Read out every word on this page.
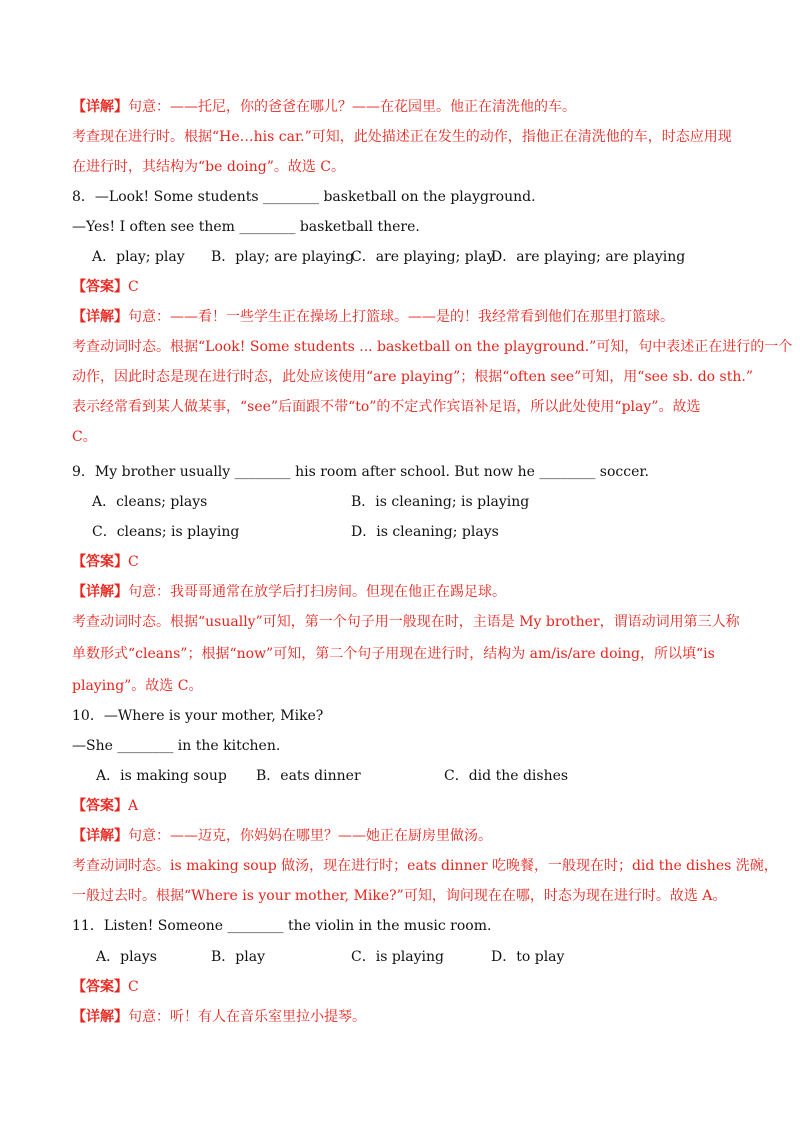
【详解】句意：——托尼，你的爸爸在哪儿？——在花园里。他正在清洗他的车。
考查现在进行时。根据“He…his car.”可知，此处描述正在发生的动作，指他正在清洗他的车，时态应用现
在进行时，其结构为“be doing”。故选 C。
8．—Look! Some students ________ basketball on the playground.
—Yes! I often see them ________ basketball there.
A．play; play B．play; are playing
C．are playing; play
D．are playing; are playing
【答案】C
【详解】句意：——看！一些学生正在操场上打篮球。——是的！我经常看到他们在那里打篮球。
考查动词时态。根据“Look! Some students ... basketball on the playground.”可知，句中表述正在进行的一个
动作，因此时态是现在进行时态，此处应该使用“are playing”；根据“often see”可知，用“see sb. do sth.”
表示经常看到某人做某事，“see”后面跟不带“to”的不定式作宾语补足语，所以此处使用“play”。故选
C。
9．My brother usually ________ his room after school. But now he ________ soccer.
A．cleans; plays	B．is cleaning; is playing
C．cleans; is playing	D．is cleaning; plays
【答案】C
【详解】句意：我哥哥通常在放学后打扫房间。但现在他正在踢足球。
考查动词时态。根据“usually”可知，第一个句子用一般现在时，主语是 My brother，谓语动词用第三人称
单数形式“cleans”；根据“now”可知，第二个句子用现在进行时，结构为 am/is/are doing，所以填“is
playing”。故选 C。
10．—Where is your mother, Mike?
—She ________ in the kitchen.
A．is making soup B．eats dinner	C．did the dishes
【答案】A
【详解】句意：——迈克，你妈妈在哪里？——她正在厨房里做汤。
考查动词时态。is making soup 做汤，现在进行时；eats dinner 吃晚餐，一般现在时；did the dishes 洗碗，
一般过去时。根据“Where is your mother, Mike?”可知，询问现在在哪，时态为现在进行时。故选 A。
11．Listen! Someone ________ the violin in the music room.
A．plays	B．play	C．is playing	D．to play
【答案】C
【详解】句意：听！有人在音乐室里拉小提琴。
